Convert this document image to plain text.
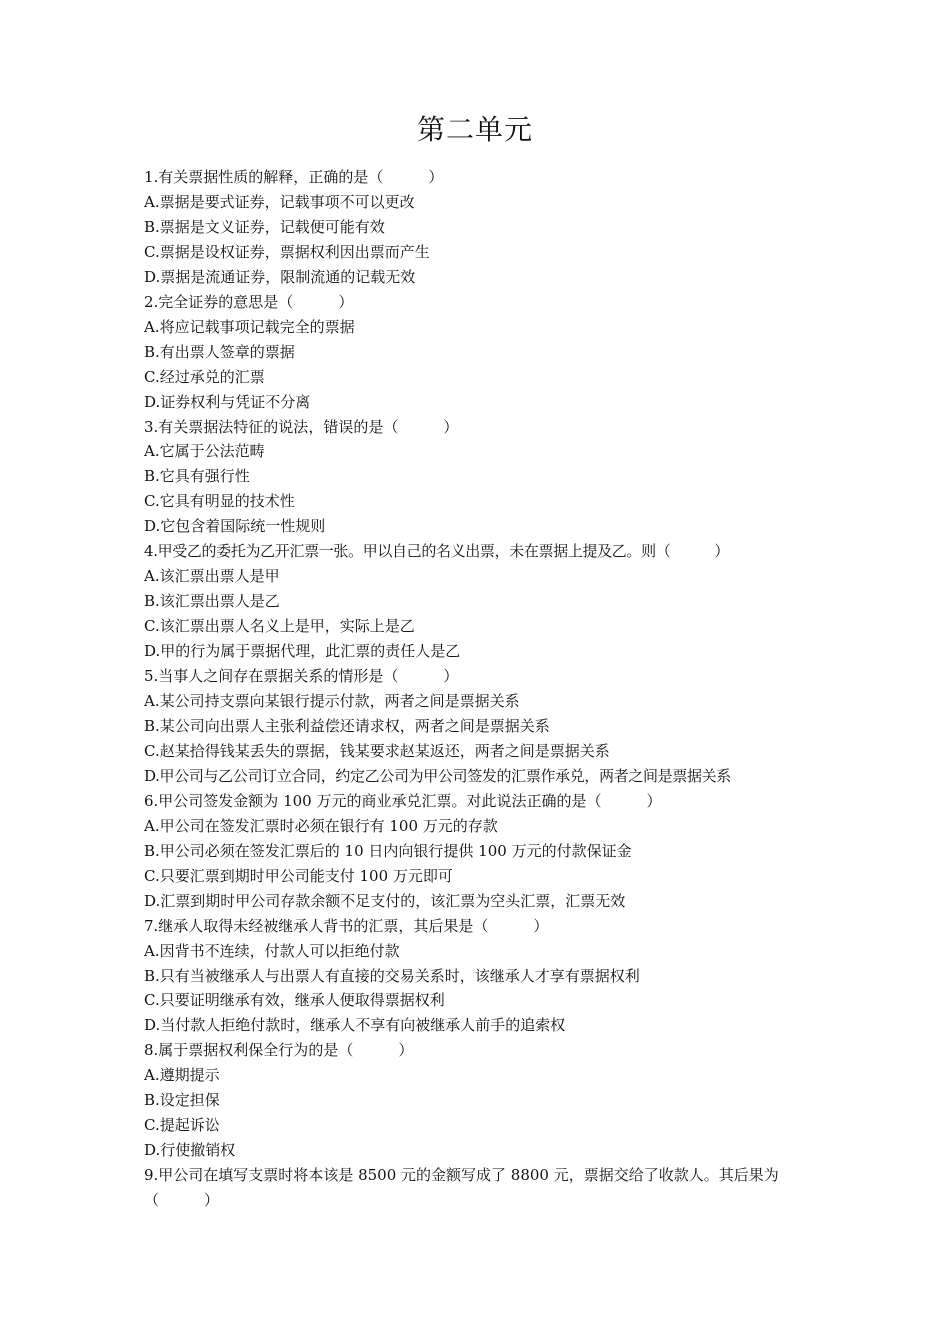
第二单元
1.有关票据性质的解释，正确的是（　　　）
A.票据是要式证券，记载事项不可以更改
B.票据是文义证券，记载便可能有效
C.票据是设权证券，票据权利因出票而产生
D.票据是流通证券，限制流通的记载无效
2.完全证券的意思是（　　　）
A.将应记载事项记载完全的票据
B.有出票人签章的票据
C.经过承兑的汇票
D.证券权利与凭证不分离
3.有关票据法特征的说法，错误的是（　　　）
A.它属于公法范畴
B.它具有强行性
C.它具有明显的技术性
D.它包含着国际统一性规则
4.甲受乙的委托为乙开汇票一张。甲以自己的名义出票，未在票据上提及乙。则（　　　）
A.该汇票出票人是甲
B.该汇票出票人是乙
C.该汇票出票人名义上是甲，实际上是乙
D.甲的行为属于票据代理，此汇票的责任人是乙
5.当事人之间存在票据关系的情形是（　　　）
A.某公司持支票向某银行提示付款，两者之间是票据关系
B.某公司向出票人主张利益偿还请求权，两者之间是票据关系
C.赵某拾得钱某丢失的票据，钱某要求赵某返还，两者之间是票据关系
D.甲公司与乙公司订立合同，约定乙公司为甲公司签发的汇票作承兑，两者之间是票据关系
6.甲公司签发金额为 100 万元的商业承兑汇票。对此说法正确的是（　　　）
A.甲公司在签发汇票时必须在银行有 100 万元的存款
B.甲公司必须在签发汇票后的 10 日内向银行提供 100 万元的付款保证金
C.只要汇票到期时甲公司能支付 100 万元即可
D.汇票到期时甲公司存款余额不足支付的，该汇票为空头汇票，汇票无效
7.继承人取得未经被继承人背书的汇票，其后果是（　　　）
A.因背书不连续，付款人可以拒绝付款
B.只有当被继承人与出票人有直接的交易关系时，该继承人才享有票据权利
C.只要证明继承有效，继承人便取得票据权利
D.当付款人拒绝付款时，继承人不享有向被继承人前手的追索权
8.属于票据权利保全行为的是（　　　）
A.遵期提示
B.设定担保
C.提起诉讼
D.行使撤销权
9.甲公司在填写支票时将本该是 8500 元的金额写成了 8800 元，票据交给了收款人。其后果为（　　　）
